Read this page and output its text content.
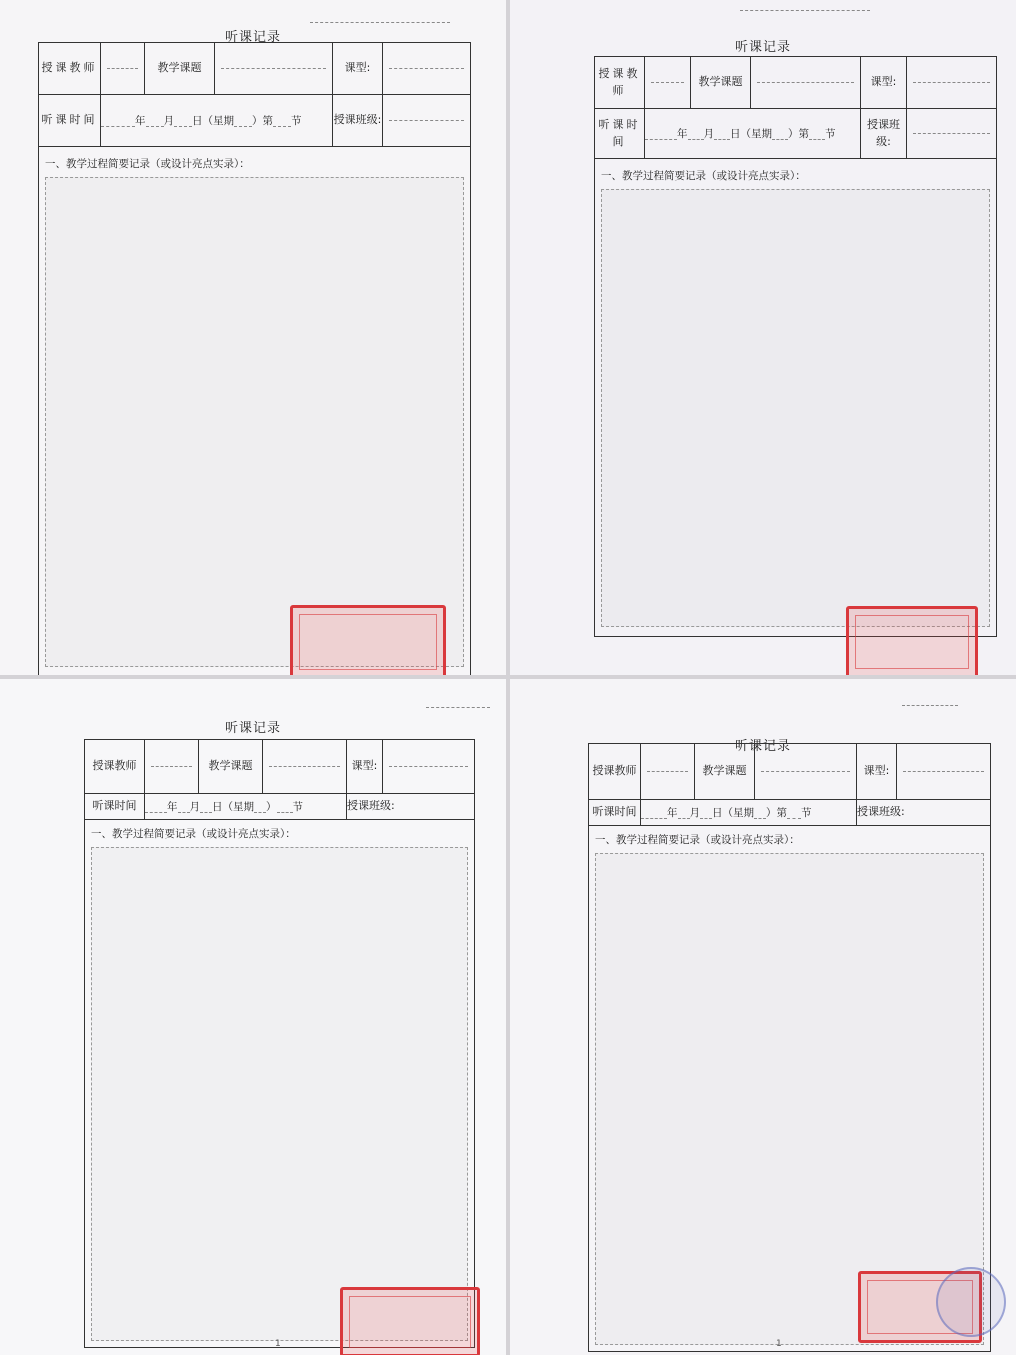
听课记录
授课教师		教学课题		课型:	

听课时间	年 月 日（星期 ）第 节			授课班级:	

一、教学过程简要记录（或设计亮点实录）：					
听课记录
授课教师		教学课题		课型:	

听课时间	年 月 日（星期 ）第 节			授课班级:	

一、教学过程简要记录（或设计亮点实录）：					
听课记录
授课教师		教学课题		课型:	

听课时间	年 月 日（星期 ） 节			授课班级:	

一、教学过程简要记录（或设计亮点实录）：					
1
听课记录
授课教师		教学课题		课型:	

听课时间	年 月 日（星期 ）第 节			授课班级:	

一、教学过程简要记录（或设计亮点实录）：					
1
